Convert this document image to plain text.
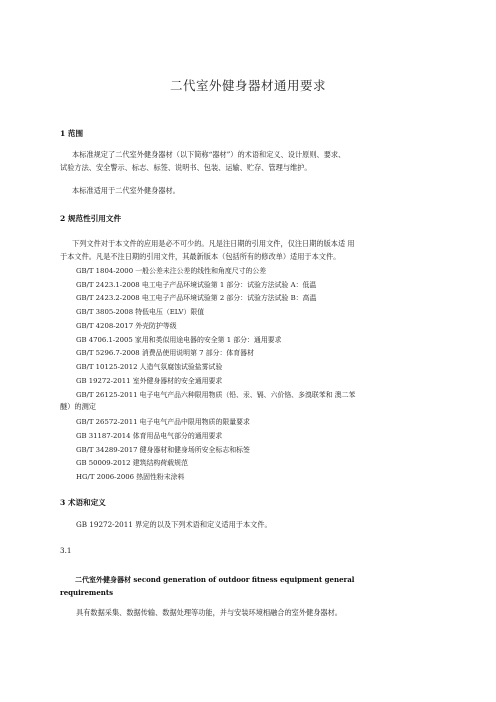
二代室外健身器材通用要求
1 范围
本标准规定了二代室外健身器材（以下简称“器材”）的术语和定义、设计原则、要求、
试验方法、安全警示、标志、标签、说明书、包装、运输、贮存、管理与维护。
本标准适用于二代室外健身器材。
2 规范性引用文件
下列文件对于本文件的应用是必不可少的。凡是注日期的引用文件，仅注日期的版本适 用
于本文件。凡是不注日期的引用文件，其最新版本（包括所有的修改单）适用于本文件。
GB/T 1804-2000 一般公差未注公差的线性和角度尺寸的公差
GB/T 2423.1-2008 电工电子产品环境试验第 1 部分：试验方法试验 A：低温
GB/T 2423.2-2008 电工电子产品环境试验第 2 部分：试验方法试验 B：高温
GB/T 3805-2008 特低电压（ELV）限值
GB/T 4208-2017 外壳防护等级
GB 4706.1-2005 家用和类似用途电器的安全第 1 部分：通用要求
GB/T 5296.7-2008 消费品使用说明第 7 部分：体育器材
GB/T 10125-2012 人造气氛腐蚀试验盐雾试验
GB 19272-2011 室外健身器材的安全通用要求
GB/T 26125-2011 电子电气产品六种限用物质（铅、汞、镉、六价铬、多溴联苯和 澳二苯
醚）的测定
GB/T 26572-2011 电子电气产品中限用物质的限量要求
GB 31187-2014 体育用品电气部分的通用要求
GB/T 34289-2017 健身器材和健身场所安全标志和标签
GB 50009-2012 建筑结构荷载规范
HG/T 2006-2006 热固性粉末涂料
3 术语和定义
GB 19272-2011 界定的以及下列术语和定义适用于本文件。
3.1
二代室外健身器材 second generation of outdoor fitness equipment general
requirements
具有数据采集、数据传输、数据处理等功能，并与安装环境相融合的室外健身器材。
